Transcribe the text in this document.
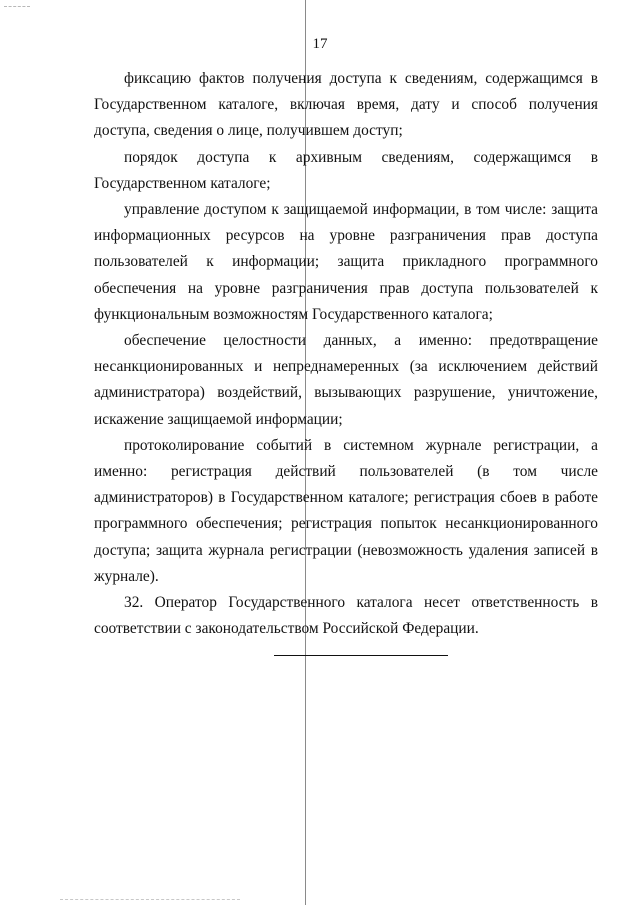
17

фиксацию фактов получения доступа к сведениям, содержащимся в Государственном каталоге, включая время, дату и способ получения доступа, сведения о лице, получившем доступ;

порядок доступа к архивным сведениям, содержащимся в Государственном каталоге;

управление доступом к защищаемой информации, в том числе: защита информационных ресурсов на уровне разграничения прав доступа пользователей к информации; защита прикладного программного обеспечения на уровне разграничения прав доступа пользователей к функциональным возможностям Государственного каталога;

обеспечение целостности данных, а именно: предотвращение несанкционированных и непреднамеренных (за исключением действий администратора) воздействий, вызывающих разрушение, уничтожение, искажение защищаемой информации;

протоколирование событий в системном журнале регистрации, а именно: регистрация действий пользователей (в том числе администраторов) в Государственном каталоге; регистрация сбоев в работе программного обеспечения; регистрация попыток несанкционированного доступа; защита журнала регистрации (невозможность удаления записей в журнале).

32. Оператор Государственного каталога несет ответственность в соответствии с законодательством Российской Федерации.
